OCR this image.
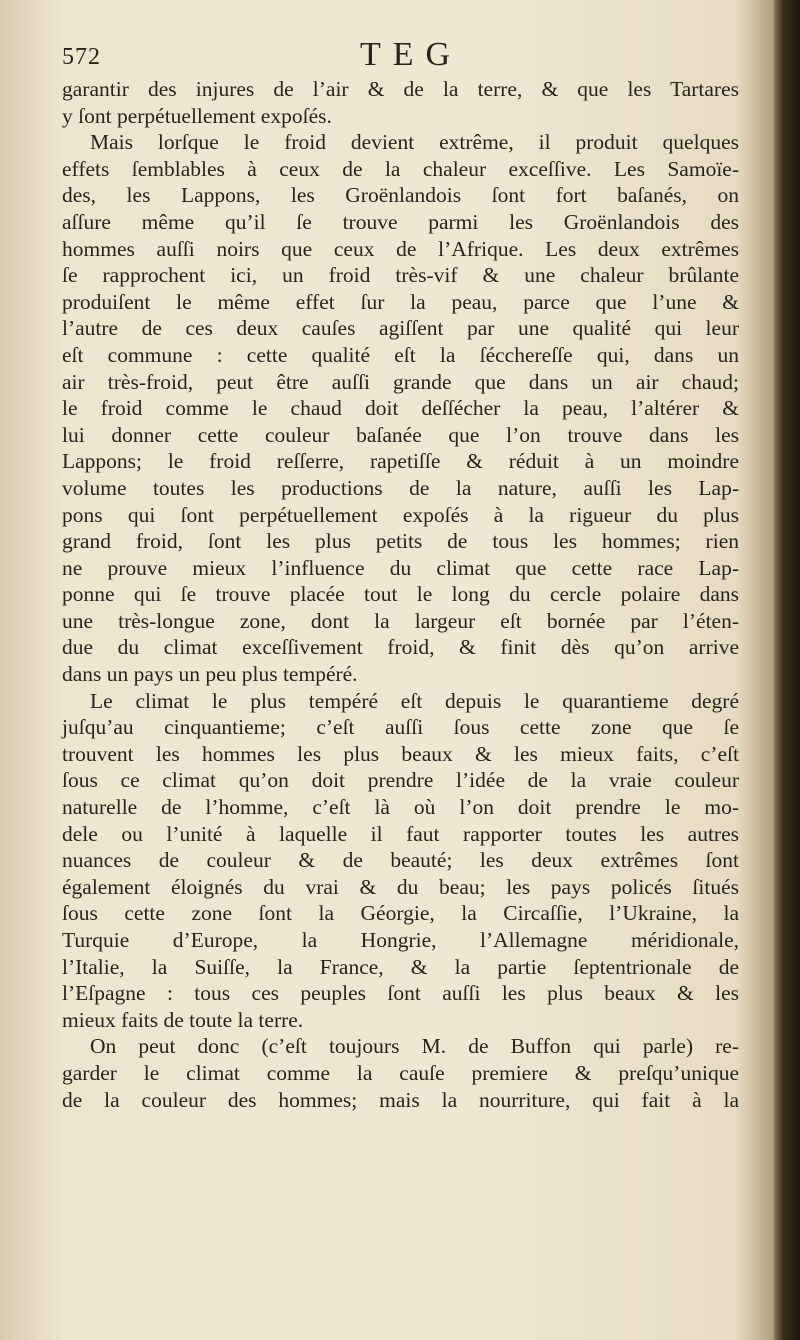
572	TEG
garantir des injures de l’air & de la terre, & que les Tartares
y ſont perpétuellement expoſés.
Mais lorſque le froid devient extrême, il produit quelques
effets ſemblables à ceux de la chaleur exceſſive. Les Samoïe-
des, les Lappons, les Groënlandois ſont fort baſanés, on
aſſure même qu’il ſe trouve parmi les Groënlandois des
hommes auſſi noirs que ceux de l’Afrique. Les deux extrêmes
ſe rapprochent ici, un froid très-vif & une chaleur brûlante
produiſent le même effet ſur la peau, parce que l’une &
l’autre de ces deux cauſes agiſſent par une qualité qui leur
eſt commune : cette qualité eſt la ſécchereſſe qui, dans un
air très-froid, peut être auſſi grande que dans un air chaud;
le froid comme le chaud doit deſſécher la peau, l’altérer &
lui donner cette couleur baſanée que l’on trouve dans les
Lappons; le froid reſſerre, rapetiſſe & réduit à un moindre
volume toutes les productions de la nature, auſſi les Lap-
pons qui ſont perpétuellement expoſés à la rigueur du plus
grand froid, ſont les plus petits de tous les hommes; rien
ne prouve mieux l’influence du climat que cette race Lap-
ponne qui ſe trouve placée tout le long du cercle polaire dans
une très-longue zone, dont la largeur eſt bornée par l’éten-
due du climat exceſſivement froid, & finit dès qu’on arrive
dans un pays un peu plus tempéré.
Le climat le plus tempéré eſt depuis le quarantieme degré
juſqu’au cinquantieme; c’eſt auſſi ſous cette zone que ſe
trouvent les hommes les plus beaux & les mieux faits, c’eſt
ſous ce climat qu’on doit prendre l’idée de la vraie couleur
naturelle de l’homme, c’eſt là où l’on doit prendre le mo-
dele ou l’unité à laquelle il faut rapporter toutes les autres
nuances de couleur & de beauté; les deux extrêmes ſont
également éloignés du vrai & du beau; les pays policés ſitués
ſous cette zone ſont la Géorgie, la Circaſſie, l’Ukraine, la
Turquie d’Europe, la Hongrie, l’Allemagne méridionale,
l’Italie, la Suiſſe, la France, & la partie ſeptentrionale de
l’Eſpagne : tous ces peuples ſont auſſi les plus beaux & les
mieux faits de toute la terre.
On peut donc (c’eſt toujours M. de Buffon qui parle) re-
garder le climat comme la cauſe premiere & preſqu’unique
de la couleur des hommes; mais la nourriture, qui fait à la
